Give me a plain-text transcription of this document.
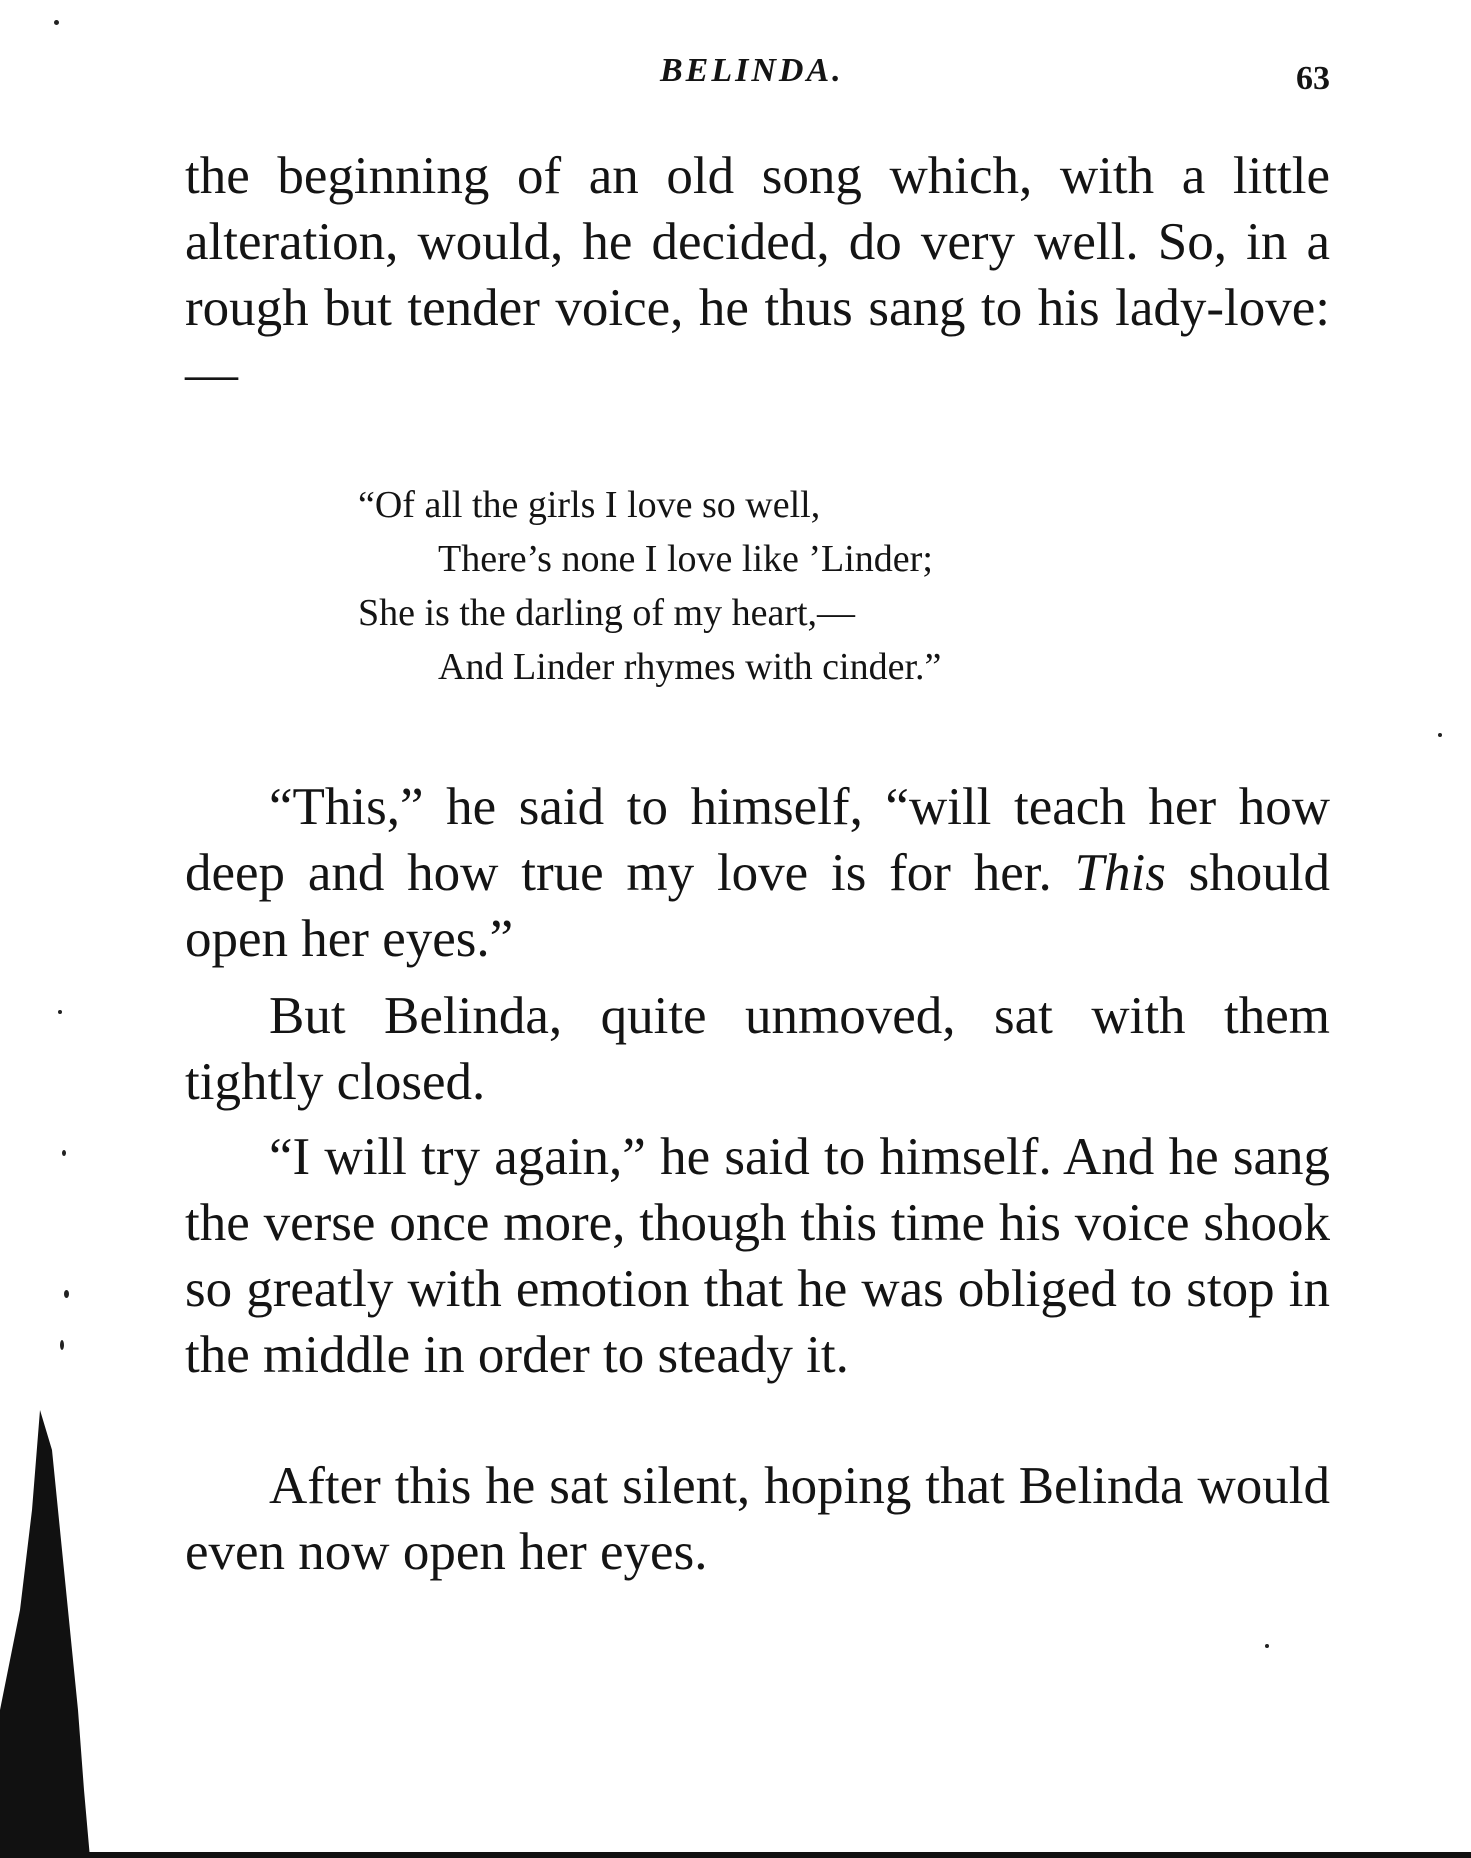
BELINDA.	63

the beginning of an old song which, with a little alteration, would, he decided, do very well. So, in a rough but tender voice, he thus sang to his lady-love:—

“Of all the girls I love so well,
There’s none I love like ’Linder;
She is the darling of my heart,—
And Linder rhymes with cinder.”

“This,” he said to himself, “will teach her how deep and how true my love is for her. This should open her eyes.”

But Belinda, quite unmoved, sat with them tightly closed.

“I will try again,” he said to himself. And he sang the verse once more, though this time his voice shook so greatly with emotion that he was obliged to stop in the middle in order to steady it.

After this he sat silent, hoping that Belinda would even now open her eyes.
